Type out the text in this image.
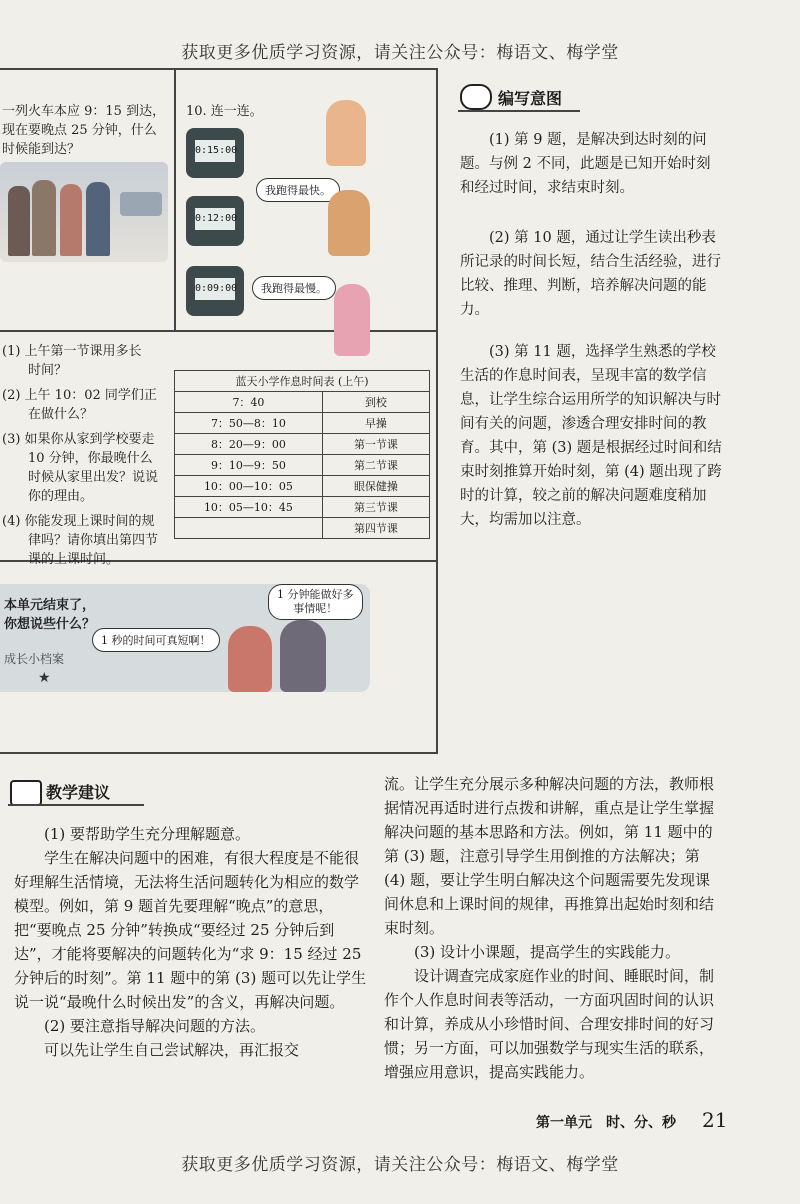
获取更多优质学习资源，请关注公众号：梅语文、梅学堂
一列火车本应 9：15 到达，
现在要晚点 25 分钟，什么
时候能到达？
10. 连一连。
0:15:00
0:12:00
0:09:00
我跑得最快。
我跑得最慢。
(1) 上午第一节课用多长
时间？
(2) 上午 10：02 同学们正
在做什么？
(3) 如果你从家到学校要走
10 分钟，你最晚什么
时候从家里出发？说说
你的理由。
(4) 你能发现上课时间的规
律吗？请你填出第四节
课的上课时间。
蓝天小学作息时间表 (上午)	
7：40	到校
7：50—8：10	早操
8：20—9：00	第一节课
9：10—9：50	第二节课
10：00—10：05	眼保健操
10：05—10：45	第三节课
	第四节课
本单元结束了，
你想说些什么？
1 秒的时间可真短啊！
1 分钟能做好多
事情呢！
成长小档案
★
编写意图
(1) 第 9 题，是解决到达时刻的问题。与例 2 不同，此题是已知开始时刻和经过时间，求结束时刻。
(2) 第 10 题，通过让学生读出秒表所记录的时间长短，结合生活经验，进行比较、推理、判断，培养解决问题的能力。
(3) 第 11 题，选择学生熟悉的学校生活的作息时间表，呈现丰富的数学信息，让学生综合运用所学的知识解决与时间有关的问题，渗透合理安排时间的教育。其中，第 (3) 题是根据经过时间和结束时刻推算开始时刻，第 (4) 题出现了跨时的计算，较之前的解决问题难度稍加大，均需加以注意。
教学建议
(1) 要帮助学生充分理解题意。
学生在解决问题中的困难，有很大程度是不能很好理解生活情境，无法将生活问题转化为相应的数学模型。例如，第 9 题首先要理解“晚点”的意思，把“要晚点 25 分钟”转换成“要经过 25 分钟后到达”，才能将要解决的问题转化为“求 9：15 经过 25 分钟后的时刻”。第 11 题中的第 (3) 题可以先让学生说一说“最晚什么时候出发”的含义，再解决问题。
(2) 要注意指导解决问题的方法。
可以先让学生自己尝试解决，再汇报交
流。让学生充分展示多种解决问题的方法，教师根据情况再适时进行点拨和讲解，重点是让学生掌握解决问题的基本思路和方法。例如，第 11 题中的第 (3) 题，注意引导学生用倒推的方法解决；第 (4) 题，要让学生明白解决这个问题需要先发现课间休息和上课时间的规律，再推算出起始时刻和结束时刻。
(3) 设计小课题，提高学生的实践能力。
设计调查完成家庭作业的时间、睡眠时间，制作个人作息时间表等活动，一方面巩固时间的认识和计算，养成从小珍惜时间、合理安排时间的好习惯；另一方面，可以加强数学与现实生活的联系，增强应用意识，提高实践能力。
第一单元　时、分、秒 21
获取更多优质学习资源，请关注公众号：梅语文、梅学堂
